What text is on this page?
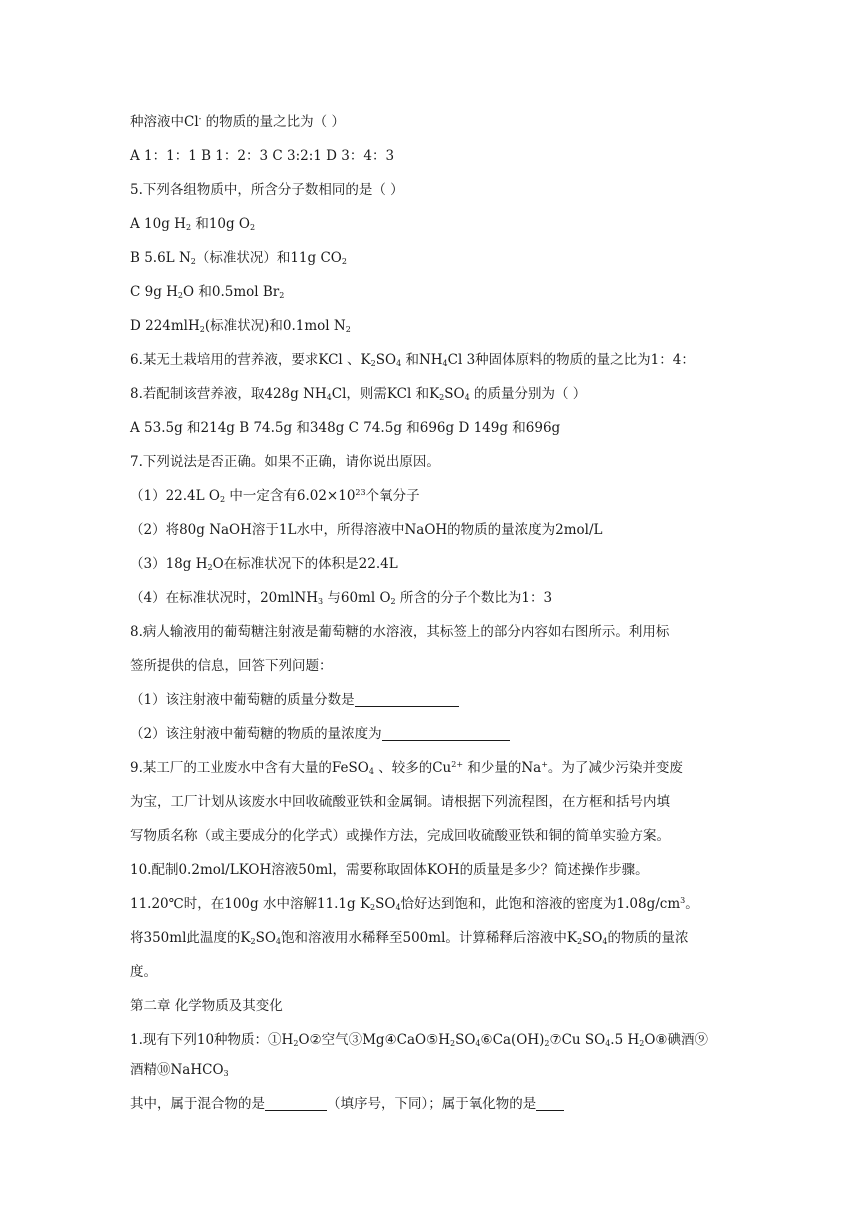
种溶液中Cl- 的物质的量之比为（ ）
A 1：1：1 B 1：2：3 C 3:2:1 D 3：4：3
5.下列各组物质中，所含分子数相同的是（ ）
A 10g $H_2$ 和10g $O_2$
B 5.6L $N_2$（标准状况）和11g $CO_2$
C 9g $H_2O$ 和0.5mol $Br_2$
D 224mlH$_2$(标准状况)和0.1mol $N_2$
6.某无土栽培用的营养液，要求KCl 、$K_2SO_4$ 和$NH_4Cl$ 3种固体原料的物质的量之比为1：4：
8.若配制该营养液，取428g $NH_4Cl$，则需KCl 和$K_2SO_4$ 的质量分别为（ ）
A 53.5g 和214g B 74.5g 和348g C 74.5g 和696g D 149g 和696g
7.下列说法是否正确。如果不正确，请你说出原因。
（1）22.4L $O_2$ 中一定含有$6.02\times 10^{23}$个氧分子
（2）将80g NaOH溶于1L水中，所得溶液中NaOH的物质的量浓度为2mol/L
（3）18g $H_2O$在标准状况下的体积是22.4L
（4）在标准状况时，20mlNH$_3$ 与60ml $O_2$ 所含的分子个数比为1：3
8.病人输液用的葡萄糖注射液是葡萄糖的水溶液，其标签上的部分内容如右图所示。利用标
签所提供的信息，回答下列问题：
（1）该注射液中葡萄糖的质量分数是
（2）该注射液中葡萄糖的物质的量浓度为
9.某工厂的工业废水中含有大量的FeSO$_4$ 、较多的$Cu^{2+}$ 和少量的Na+。为了减少污染并变废
为宝，工厂计划从该废水中回收硫酸亚铁和金属铜。请根据下列流程图，在方框和括号内填
写物质名称（或主要成分的化学式）或操作方法，完成回收硫酸亚铁和铜的简单实验方案。
10.配制0.2mol/LKOH溶液50ml，需要称取固体KOH的质量是多少？简述操作步骤。
11.20℃时，在100g 水中溶解11.1g $K_2SO_4$恰好达到饱和，此饱和溶液的密度为$1.08g/cm^3$。
将350ml此温度的$K_2SO_4$饱和溶液用水稀释至500ml。计算稀释后溶液中$K_2SO_4$的物质的量浓
度。
第二章 化学物质及其变化
1.现有下列10种物质：$①H_2O②$空气$③Mg④CaO⑤H_2SO_4⑥Ca(OH)_2⑦Cu$ $SO_4.5$ $H_2O⑧$碘酒⑨
酒精⑩NaHCO$_3$
其中，属于混合物的是	（填序号，下同）；属于氧化物的是
